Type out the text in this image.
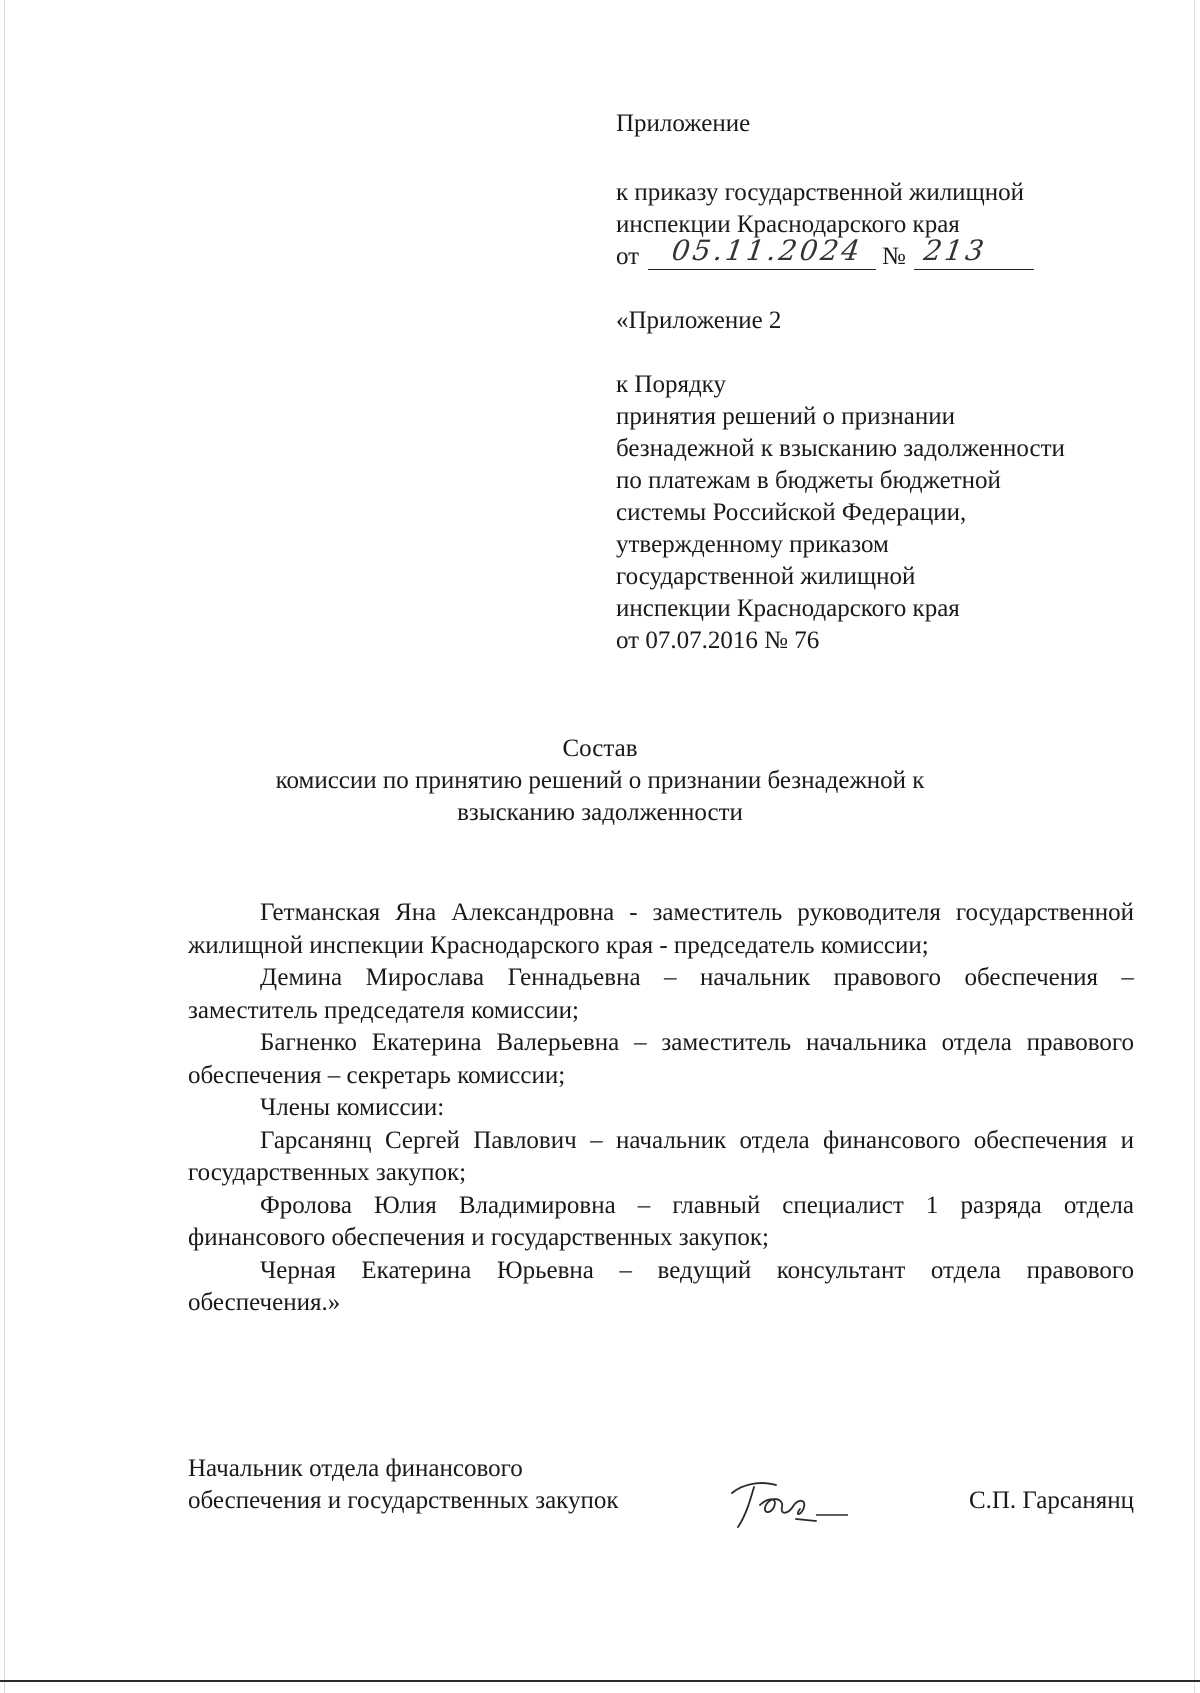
Приложение
к приказу государственной жилищной
инспекции Краснодарского края
от 05.11.2024 № 213
«Приложение 2
к Порядку
принятия решений о признании
безнадежной к взысканию задолженности
по платежам в бюджеты бюджетной
системы Российской Федерации,
утвержденному приказом
государственной жилищной
инспекции Краснодарского края
от 07.07.2016 № 76
Состав
комиссии по принятию решений о признании безнадежной к
взысканию задолженности

Гетманская Яна Александровна - заместитель руководителя государственной жилищной инспекции Краснодарского края - председатель комиссии;

Демина Мирослава Геннадьевна – начальник правового обеспечения – заместитель председателя комиссии;

Багненко Екатерина Валерьевна – заместитель начальника отдела правового обеспечения – секретарь комиссии;

Члены комиссии:

Гарсанянц Сергей Павлович – начальник отдела финансового обеспечения и государственных закупок;

Фролова Юлия Владимировна – главный специалист 1 разряда отдела финансового обеспечения и государственных закупок;

Черная Екатерина Юрьевна – ведущий консультант отдела правового обеспечения.»

Начальник отдела финансового
обеспечения и государственных закупок	С.П. Гарсанянц
